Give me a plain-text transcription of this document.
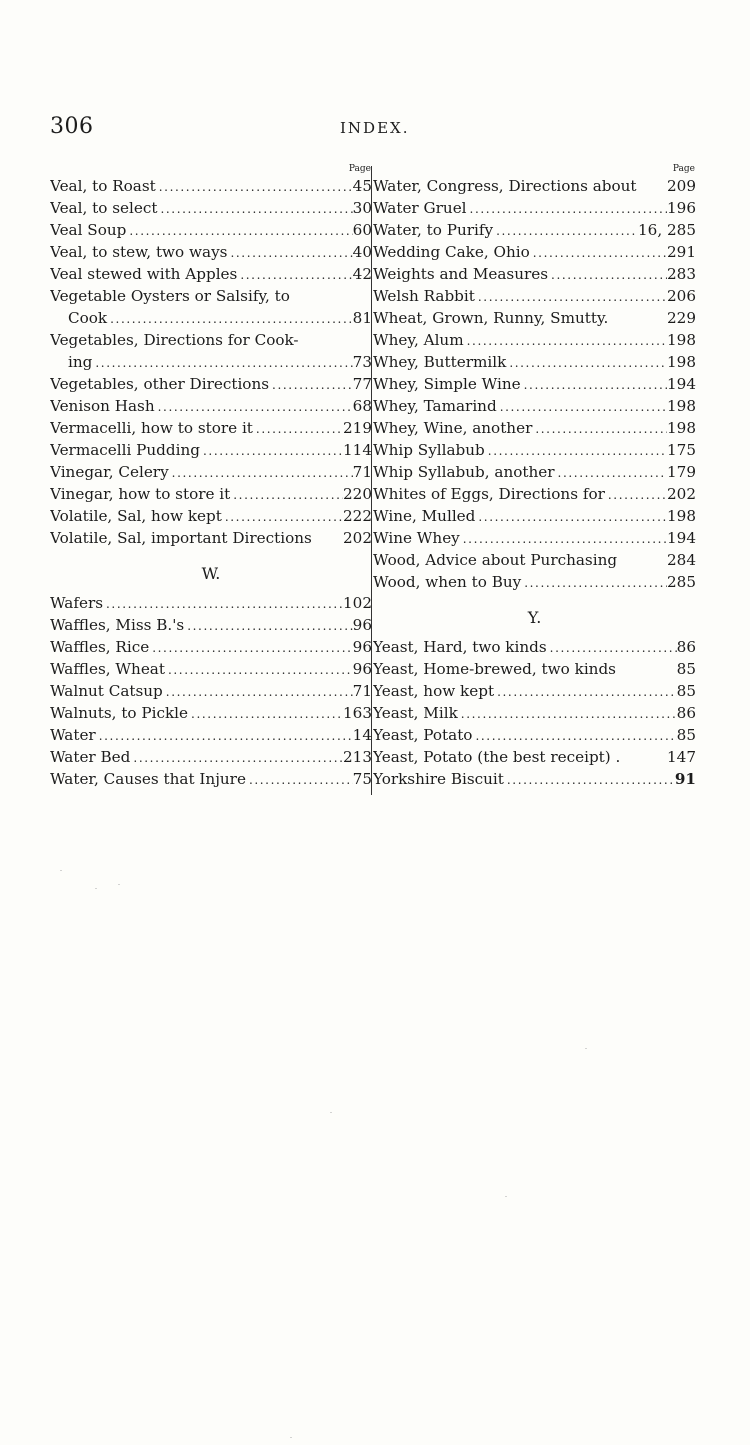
306	INDEX.
Page
Veal, to Roast .....	45
Veal, to select .....	30
Veal Soup .....	60
Veal, to stew, two ways .....	40
Veal stewed with Apples .....	42
Vegetable Oysters or Salsify, to
Cook .....	81
Vegetables, Directions for Cook-
ing .....	73
Vegetables, other Directions .....	77
Venison Hash .....	68
Vermacelli, how to store it .....	219
Vermacelli Pudding .....	114
Vinegar, Celery .....	71
Vinegar, how to store it .....	220
Volatile, Sal, how kept .....	222
Volatile, Sal, important Directions 202
W.
Wafers .....	102
Waffles, Miss B.'s .....	96
Waffles, Rice .....	96
Waffles, Wheat .....	96
Walnut Catsup .....	71
Walnuts, to Pickle .....	163
Water .....	14
Water Bed .....	213
Water, Causes that Injure .....	75
Page
Water, Congress, Directions about 209
Water Gruel .....	196
Water, to Purify .....	16, 285
Wedding Cake, Ohio .....	291
Weights and Measures .....	283
Welsh Rabbit .....	206
Wheat, Grown, Runny, Smutty.	229
Whey, Alum .....	198
Whey, Buttermilk .....	198
Whey, Simple Wine .....	194
Whey, Tamarind .....	198
Whey, Wine, another .....	198
Whip Syllabub .....	175
Whip Syllabub, another .....	179
Whites of Eggs, Directions for .....	202
Wine, Mulled .....	198
Wine Whey .....	194
Wood, Advice about Purchasing	284
Wood, when to Buy .....	285
Y.
Yeast, Hard, two kinds .....	86
Yeast, Home-brewed, two kinds	85
Yeast, how kept .....	85
Yeast, Milk .....	86
Yeast, Potato .....	85
Yeast, Potato (the best receipt) .	147
Yorkshire Biscuit .....	91
